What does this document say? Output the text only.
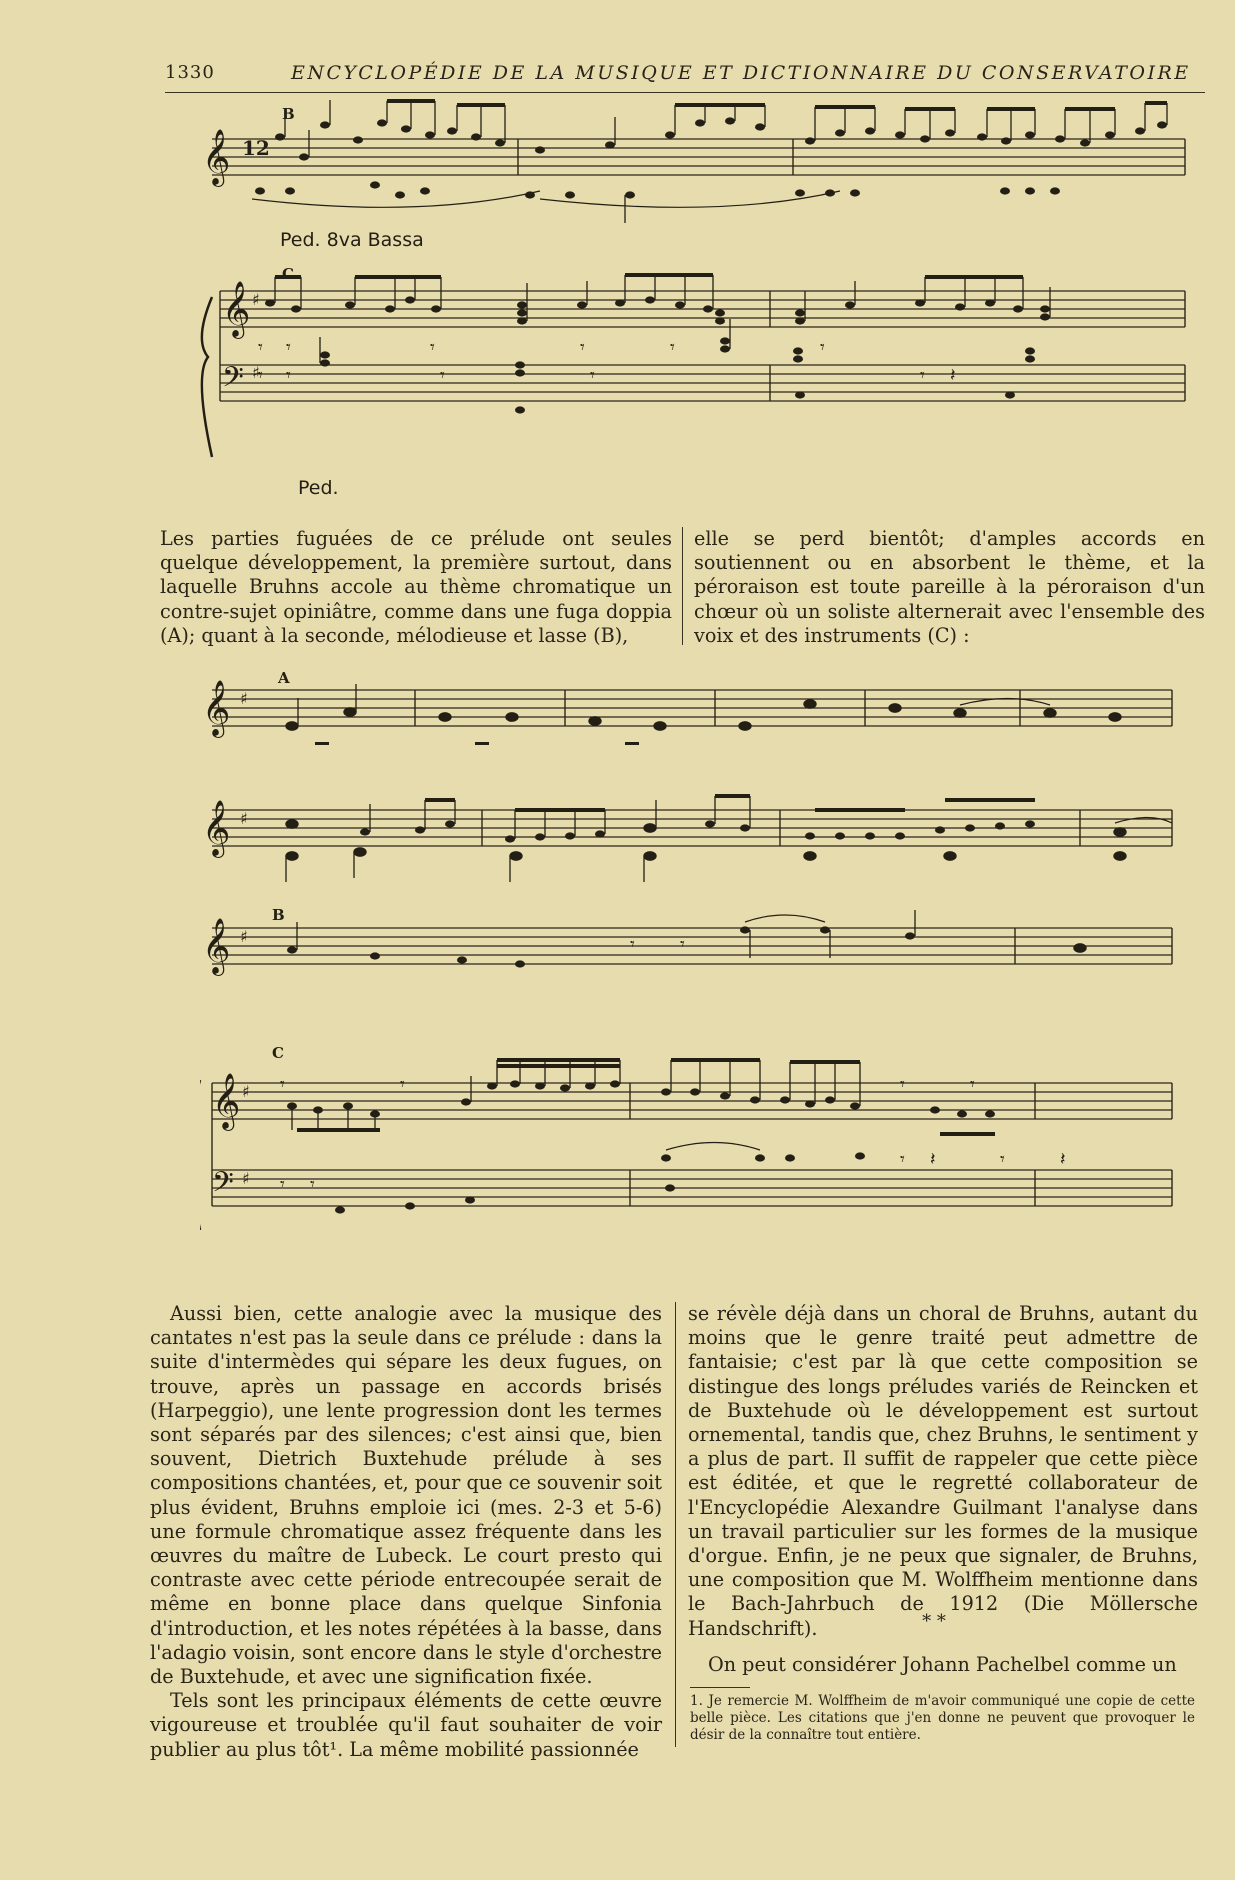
1330	ENCYCLOPÉDIE DE LA MUSIQUE ET DICTIONNAIRE DU CONSERVATOIRE
B
𝄞 12
Ped. 8va Bassa
C
𝄞 ♯
𝄢 ♯
𝄾 𝄾	𝄾	𝄾	𝄾	𝄾
𝄾 𝄾	𝄾	𝄾	𝄾 𝄽
Ped.

Les parties fuguées de ce prélude ont seules quelque développement, la première surtout, dans laquelle Bruhns accole au thème chromatique un contre-sujet opiniâtre, comme dans une fuga doppia (A); quant à la seconde, mélodieuse et lasse (B),

elle se perd bientôt; d'amples accords en soutiennent ou en absorbent le thème, et la péroraison est toute pareille à la péroraison d'un chœur où un soliste alternerait avec l'ensemble des voix et des instruments (C) :

A
𝄞 ♯
𝄞 ♯
B
𝄞 ♯	𝄾	𝄾
C
𝄞 ♯
𝄢 ♯
𝄾	𝄾	𝄾	𝄾
𝄾 𝄾
𝄾 𝄽	𝄾	𝄽

Aussi bien, cette analogie avec la musique des cantates n'est pas la seule dans ce prélude : dans la suite d'intermèdes qui sépare les deux fugues, on trouve, après un passage en accords brisés (Harpeggio), une lente progression dont les termes sont séparés par des silences; c'est ainsi que, bien souvent, Dietrich Buxtehude prélude à ses compositions chantées, et, pour que ce souvenir soit plus évident, Bruhns emploie ici (mes. 2-3 et 5-6) une formule chromatique assez fréquente dans les œuvres du maître de Lubeck. Le court presto qui contraste avec cette période entrecoupée serait de même en bonne place dans quelque Sinfonia d'introduction, et les notes répétées à la basse, dans l'adagio voisin, sont encore dans le style d'orchestre de Buxtehude, et avec une signification fixée.

Tels sont les principaux éléments de cette œuvre vigoureuse et troublée qu'il faut souhaiter de voir publier au plus tôt¹. La même mobilité passionnée

se révèle déjà dans un choral de Bruhns, autant du moins que le genre traité peut admettre de fantaisie; c'est par là que cette composition se distingue des longs préludes variés de Reincken et de Buxtehude où le développement est surtout ornemental, tandis que, chez Bruhns, le sentiment y a plus de part. Il suffit de rappeler que cette pièce est éditée, et que le regretté collaborateur de l'Encyclopédie Alexandre Guilmant l'analyse dans un travail particulier sur les formes de la musique d'orgue. Enfin, je ne peux que signaler, de Bruhns, une composition que M. Wolffheim mentionne dans le Bach-Jahrbuch de 1912 (Die Möllersche Handschrift).	* *

On peut considérer Johann Pachelbel comme un

1. Je remercie M. Wolffheim de m'avoir communiqué une copie de cette belle pièce. Les citations que j'en donne ne peuvent que provoquer le désir de la connaître tout entière.
